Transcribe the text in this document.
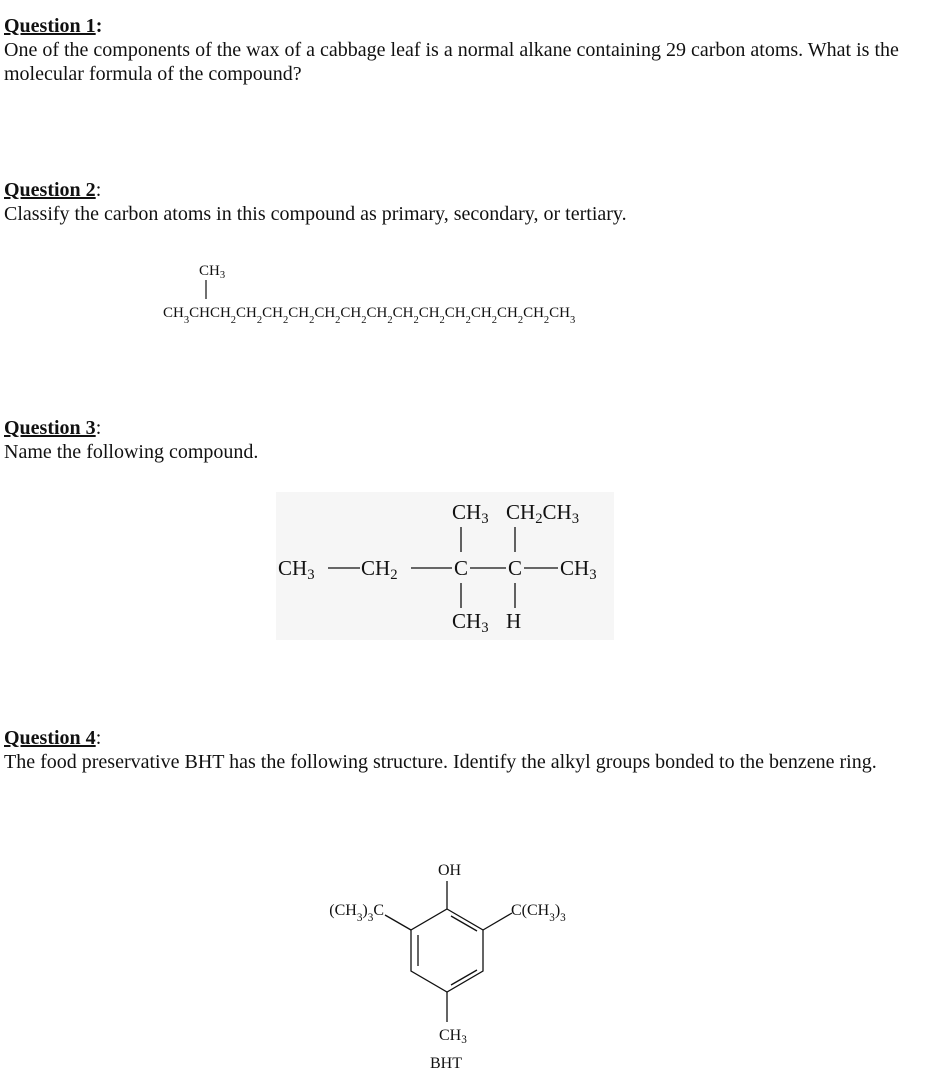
Question 1:

One of the components of the wax of a cabbage leaf is a normal alkane containing 29 carbon atoms. What is the molecular formula of the compound?

Question 2:

Classify the carbon atoms in this compound as primary, secondary, or tertiary.

$CH_3$
$CH_3CHCH_2CH_2CH_2CH_2CH_2CH_2CH_2CH_2CH_2CH_2CH_2CH_2CH_2CH_3$
Question 3:

Name the following compound.

CH3 CH2CH3
CH3 CH2	C C CH3
CH3 H
Question 4:

The food preservative BHT has the following structure. Identify the alkyl groups bonded to the benzene ring.

OH
$(CH_3)_3C$	$C(CH_3)_3$
CH3
BHT
